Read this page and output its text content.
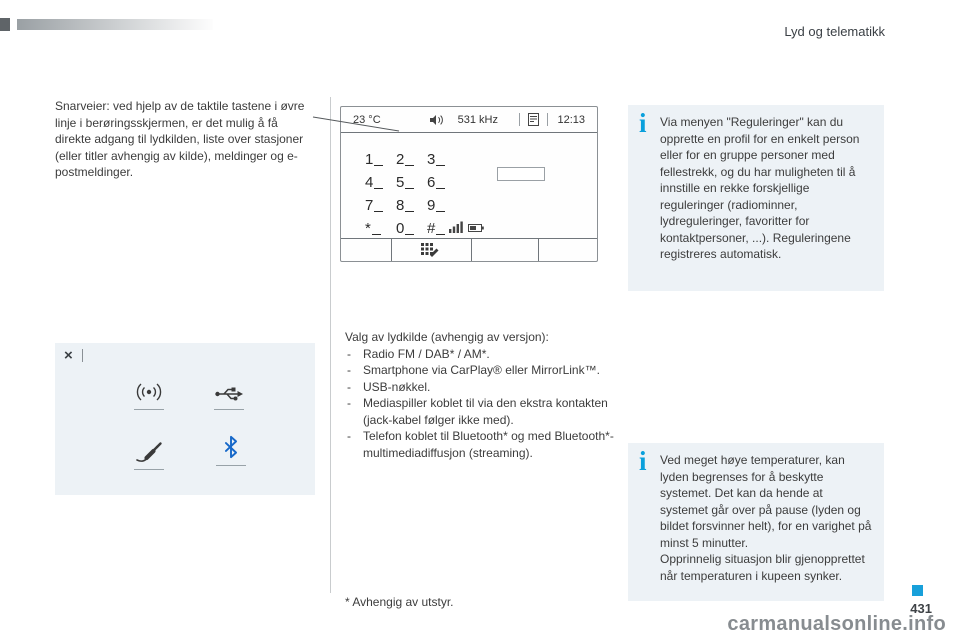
Lyd og telematikk
Snarveier: ved hjelp av de taktile tastene i øvre linje i berøringsskjermen, er det mulig å få direkte adgang til lydkilden, liste over stasjoner (eller titler avhengig av kilde), meldinger og e-postmeldinger.
23 °C	531 kHz	12:13
1 2 3
4 5 6
7 8 9
* 0 #
i Via menyen "Reguleringer" kan du opprette en profil for en enkelt person eller for en gruppe personer med fellestrekk, og du har muligheten til å innstille en rekke forskjellige reguleringer (radiominner, lydreguleringer, favoritter for kontaktpersoner, ...). Reguleringene registreres automatisk.
Valg av lydkilde (avhengig av versjon):
- Radio FM / DAB* / AM*.
- Smartphone via CarPlay® eller MirrorLink™.
- USB-nøkkel.
- Mediaspiller koblet til via den ekstra kontakten (jack-kabel følger ikke med).
- Telefon koblet til Bluetooth* og med Bluetooth*-multimediadiffusjon (streaming).
×
i Ved meget høye temperaturer, kan lyden begrenses for å beskytte systemet. Det kan da hende at systemet går over på pause (lyden og bildet forsvinner helt), for en varighet på minst 5 minutter.
Opprinnelig situasjon blir gjenopprettet når temperaturen i kupeen synker.
* Avhengig av utstyr.	431
carmanualsonline.info
